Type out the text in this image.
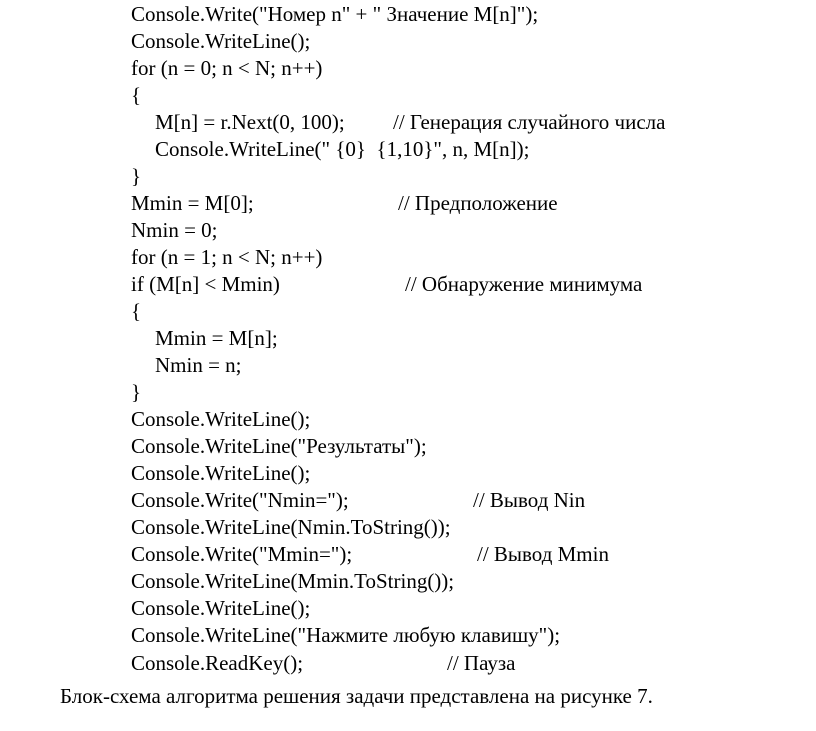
Console.Write("Номер n" + " Значение M[n]");

Console.WriteLine();

for (n = 0; n < N; n++)

{

M[n] = r.Next(0, 100);

// Генерация случайного числа

Console.WriteLine(" {0}  {1,10}", n, M[n]);

}

Mmin = M[0];

	// Предположение

Nmin = 0;

for (n = 1; n < N; n++)

if (M[n] < Mmin)

	// Обнаружение минимума

{

Mmin = M[n];

Nmin = n;

}

Console.WriteLine();

Console.WriteLine("Результаты");

Console.WriteLine();

Console.Write("Nmin=");

	// Вывод Nin

Console.WriteLine(Nmin.ToString());

Console.Write("Mmin=");

	// Вывод Mmin

Console.WriteLine(Mmin.ToString());

Console.WriteLine();

Console.WriteLine("Нажмите любую клавишу");

Console.ReadKey();

	// Пауза

Блок-схема алгоритма решения задачи представлена на рисунке 7.
